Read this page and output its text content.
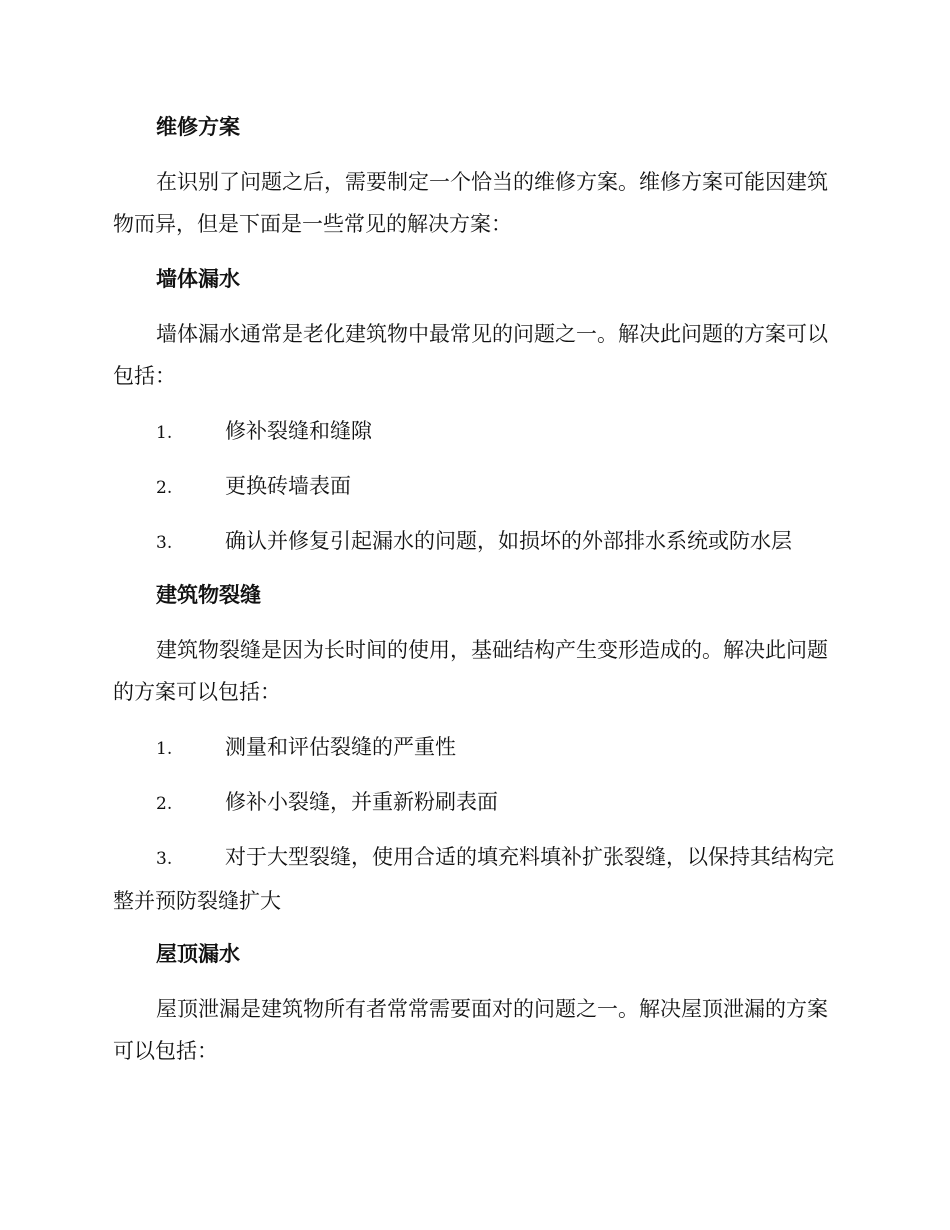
维修方案

在识别了问题之后，需要制定一个恰当的维修方案。维修方案可能因建筑物而异，但是下面是一些常见的解决方案：

墙体漏水

墙体漏水通常是老化建筑物中最常见的问题之一。解决此问题的方案可以包括：

1.	修补裂缝和缝隙

2.	更换砖墙表面

3.	确认并修复引起漏水的问题，如损坏的外部排水系统或防水层

建筑物裂缝

建筑物裂缝是因为长时间的使用，基础结构产生变形造成的。解决此问题的方案可以包括：

1.	测量和评估裂缝的严重性

2.	修补小裂缝，并重新粉刷表面

3.	对于大型裂缝，使用合适的填充料填补扩张裂缝，以保持其结构完整并预防裂缝扩大

屋顶漏水

屋顶泄漏是建筑物所有者常常需要面对的问题之一。解决屋顶泄漏的方案可以包括：
